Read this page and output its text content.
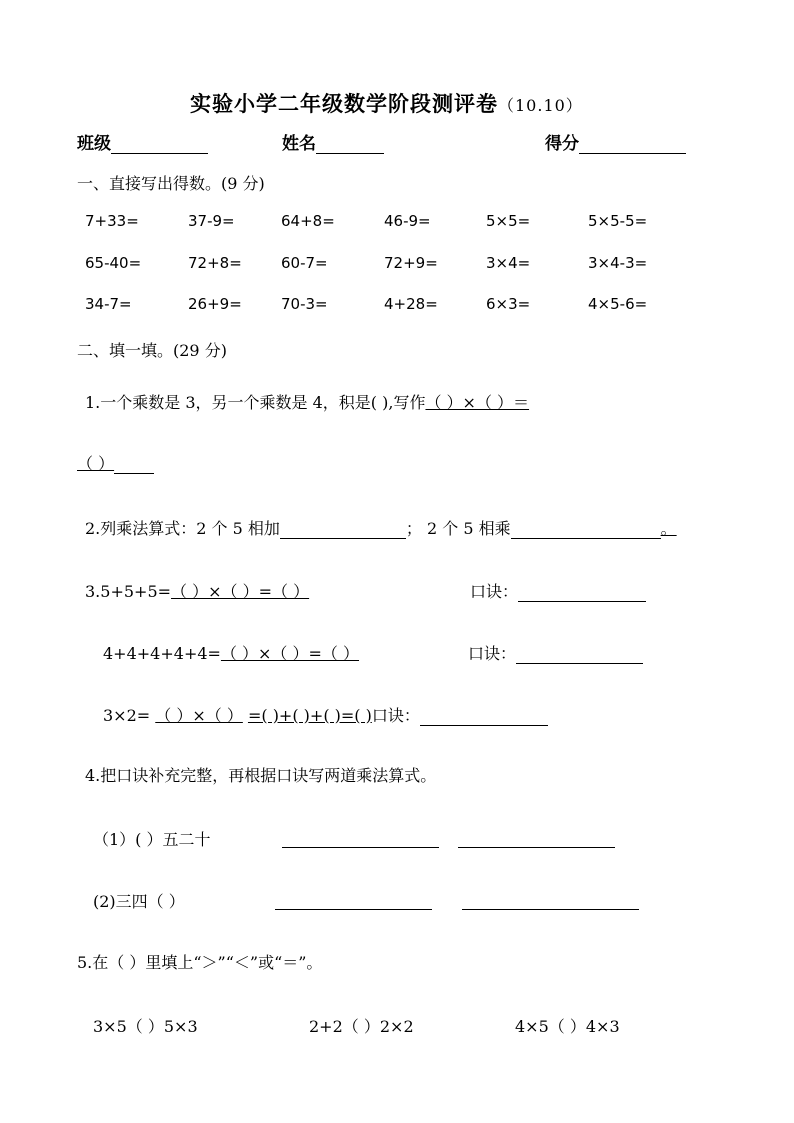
实验小学二年级数学阶段测评卷（10.10）
班级	姓名	得分
一、直接写出得数。(9 分)
7+33=	37-9=	64+8=	46-9=	5×5=	5×5-5=
65-40=	72+8=	60-7=	72+9=	3×4=	3×4-3=
34-7=	26+9=	70-3=	4+28=	6×3=	4×5-6=
二、填一填。(29 分)
1.一个乘数是 3，另一个乘数是 4，积是( ),写作（ ）×（ ）＝
（ ）
2.列乘法算式：2 个 5 相加	； 2 个 5 相乘	。
3.5+5+5=（ ）×（ ）=（ ）	口诀：
4+4+4+4+4=（ ）×（ ）=（ ）	口诀：
3×2= （ ）×（ ） =( )+( )+( )=( )口诀：
4.把口诀补充完整，再根据口诀写两道乘法算式。
（1）( ）五二十
(2)三四（ ）
5.在（ ）里填上“＞”“＜”或“＝”。
3×5（ ）5×3	2+2（ ）2×2	4×5（ ）4×3
